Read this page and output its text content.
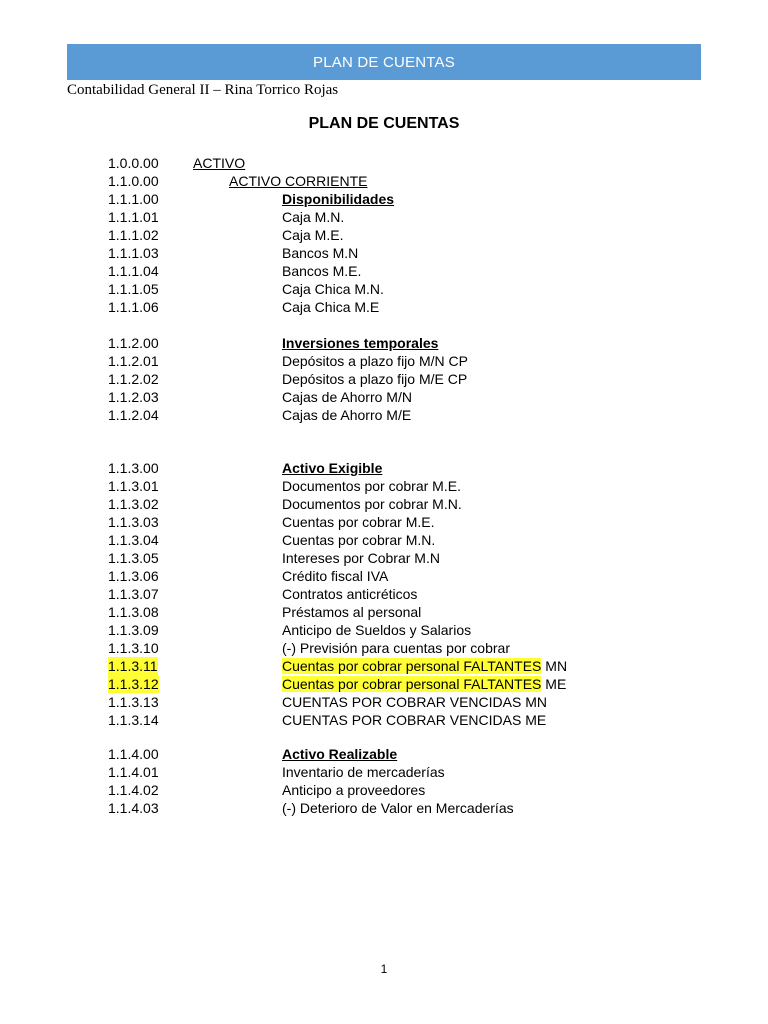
PLAN DE CUENTAS
Contabilidad General II – Rina Torrico Rojas
PLAN DE CUENTAS
1.0.0.00 ACTIVO
1.1.0.00	ACTIVO CORRIENTE
1.1.1.00	Disponibilidades
1.1.1.01	Caja M.N.
1.1.1.02	Caja M.E.
1.1.1.03	Bancos M.N
1.1.1.04	Bancos M.E.
1.1.1.05	Caja Chica M.N.
1.1.1.06	Caja Chica M.E
1.1.2.00	Inversiones temporales
1.1.2.01	Depósitos a plazo fijo M/N CP
1.1.2.02	Depósitos a plazo fijo M/E CP
1.1.2.03	Cajas de Ahorro M/N
1.1.2.04	Cajas de Ahorro M/E
1.1.3.00	Activo Exigible
1.1.3.01	Documentos por cobrar M.E.
1.1.3.02	Documentos por cobrar M.N.
1.1.3.03	Cuentas por cobrar M.E.
1.1.3.04	Cuentas por cobrar M.N.
1.1.3.05	Intereses por Cobrar M.N
1.1.3.06	Crédito fiscal IVA
1.1.3.07	Contratos anticréticos
1.1.3.08	Préstamos al personal
1.1.3.09	Anticipo de Sueldos y Salarios
1.1.3.10	(-) Previsión para cuentas por cobrar
1.1.3.11	Cuentas por cobrar personal FALTANTES MN
1.1.3.12	Cuentas por cobrar personal FALTANTES ME
1.1.3.13	CUENTAS POR COBRAR VENCIDAS MN
1.1.3.14	CUENTAS POR COBRAR VENCIDAS ME
1.1.4.00	Activo Realizable
1.1.4.01	Inventario de mercaderías
1.1.4.02	Anticipo a proveedores
1.1.4.03	(-) Deterioro de Valor en Mercaderías
1
